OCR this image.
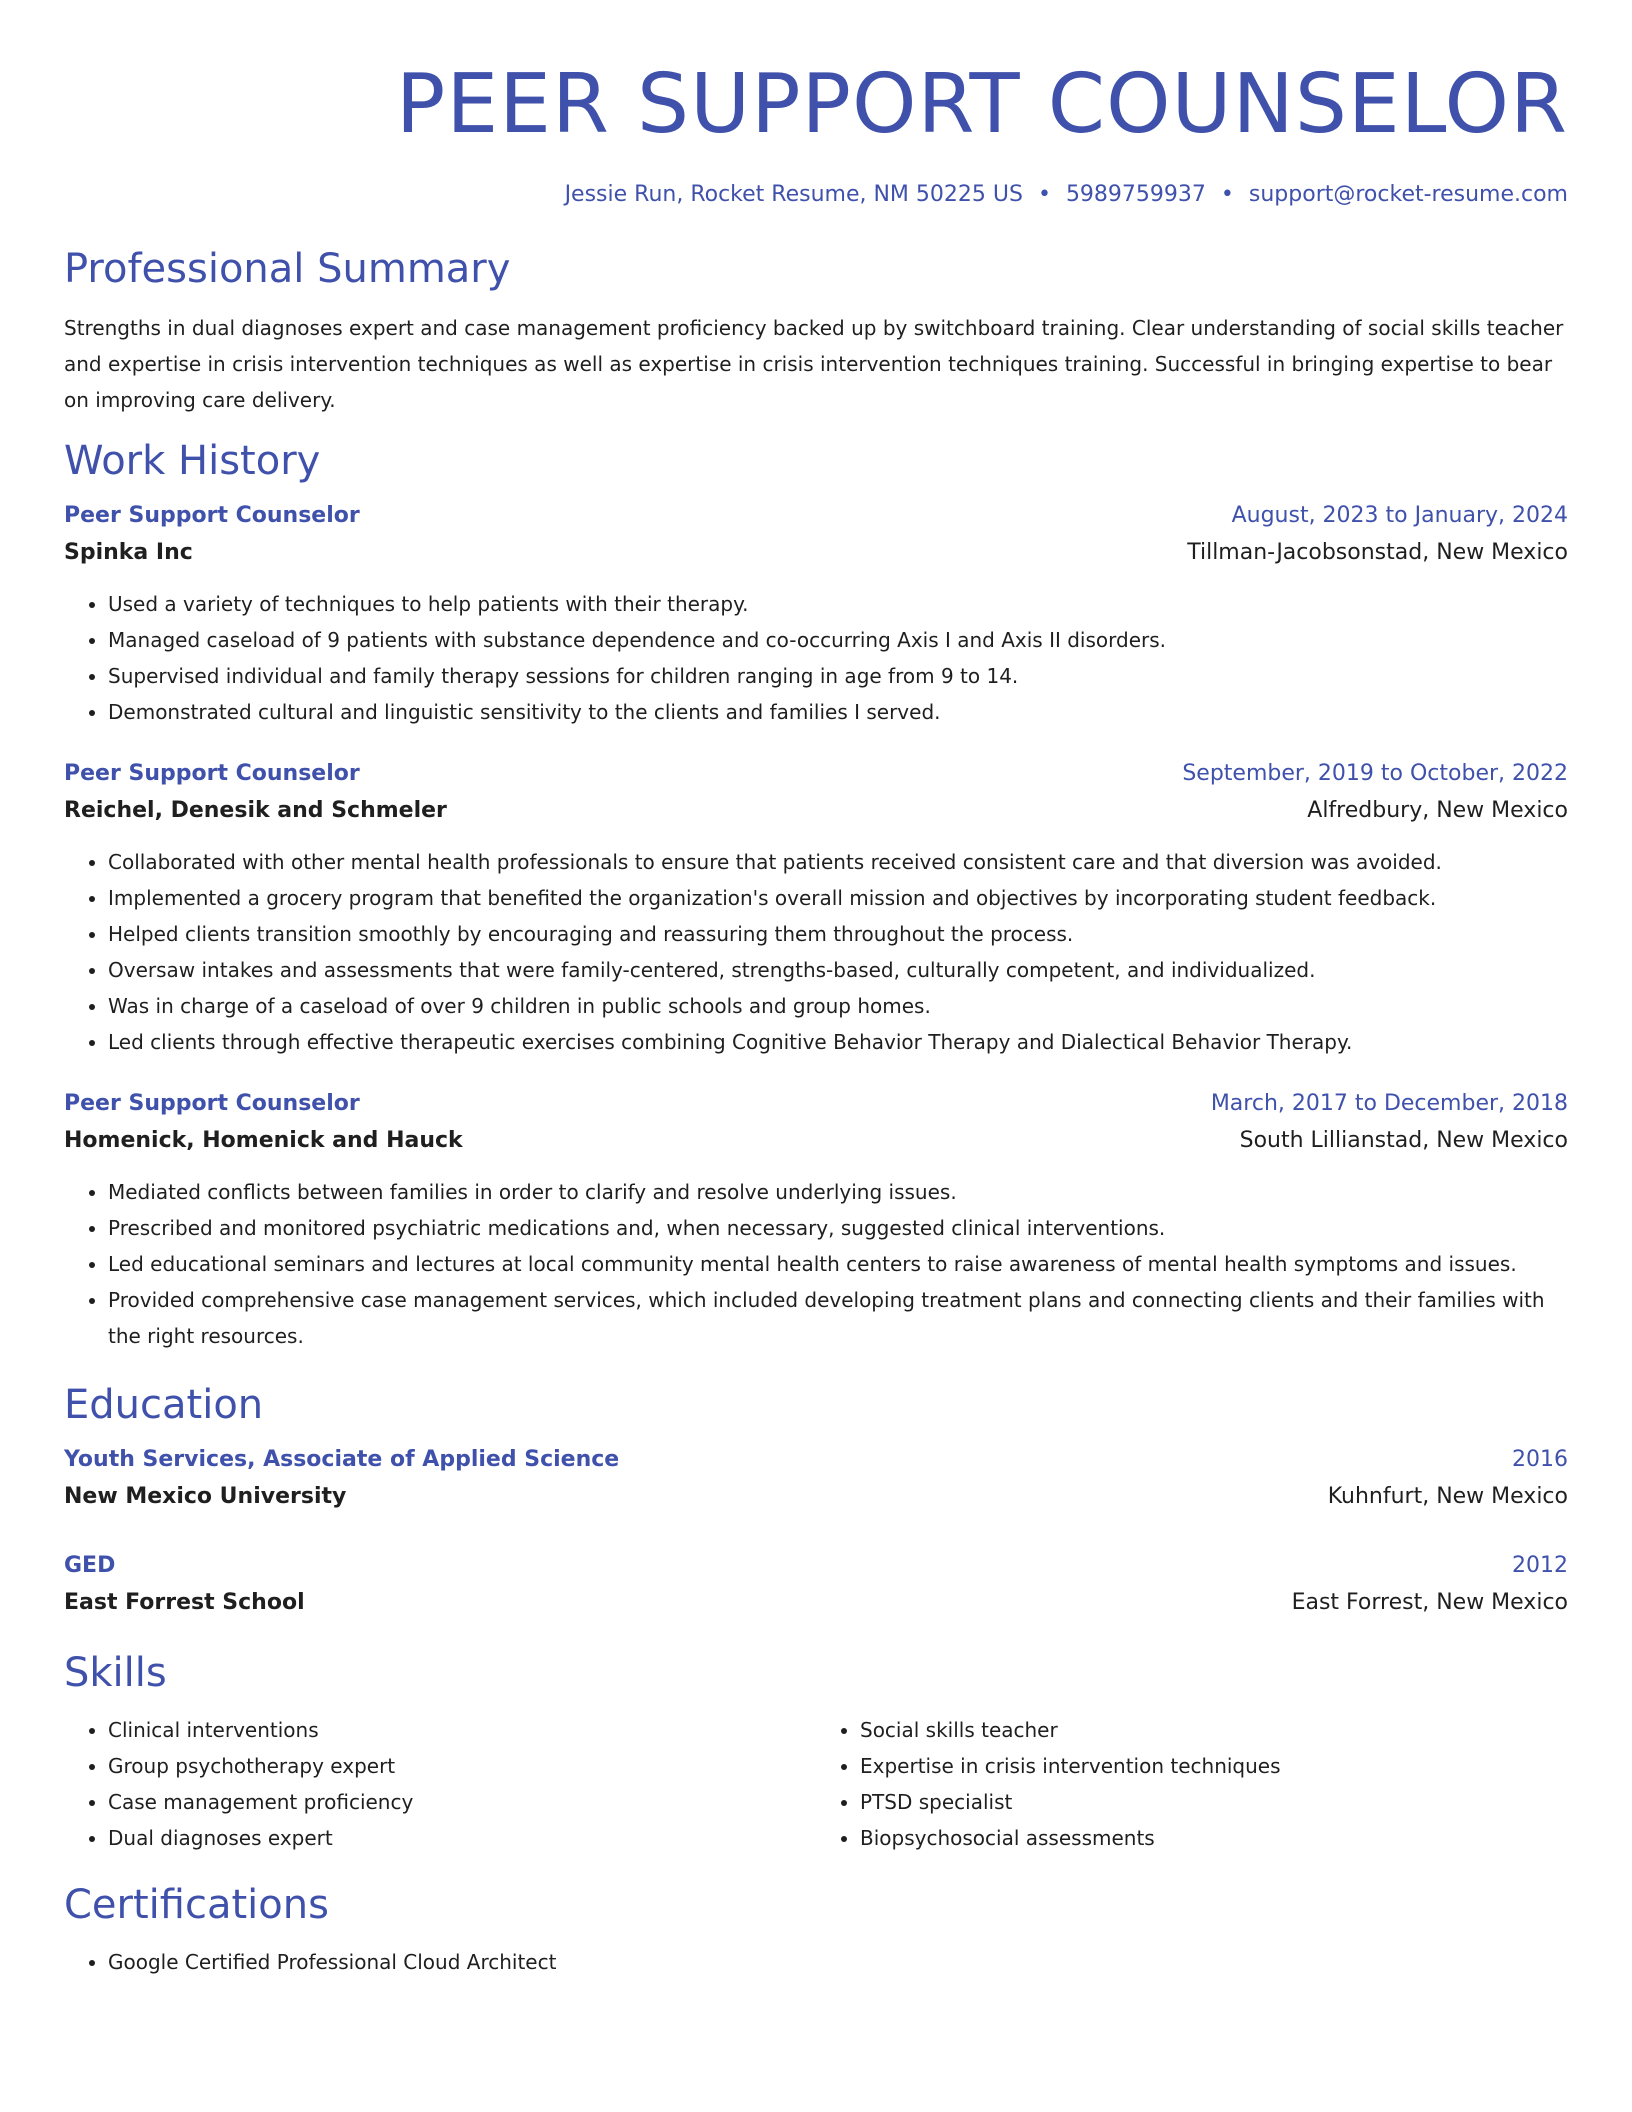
PEER SUPPORT COUNSELOR
Jessie Run, Rocket Resume, NM 50225 US • 5989759937 • support@rocket-resume.com
Professional Summary

Strengths in dual diagnoses expert and case management proficiency backed up by switchboard training. Clear understanding of social skills teacher and expertise in crisis intervention techniques as well as expertise in crisis intervention techniques training. Successful in bringing expertise to bear on improving care delivery.

Work History
Peer Support Counselor	August, 2023 to January, 2024
Spinka Inc	Tillman-Jacobsonstad, New Mexico
• Used a variety of techniques to help patients with their therapy.
• Managed caseload of 9 patients with substance dependence and co-occurring Axis I and Axis II disorders.
• Supervised individual and family therapy sessions for children ranging in age from 9 to 14.
• Demonstrated cultural and linguistic sensitivity to the clients and families I served.
Peer Support Counselor	September, 2019 to October, 2022
Reichel, Denesik and Schmeler	Alfredbury, New Mexico
• Collaborated with other mental health professionals to ensure that patients received consistent care and that diversion was avoided.
• Implemented a grocery program that benefited the organization's overall mission and objectives by incorporating student feedback.
• Helped clients transition smoothly by encouraging and reassuring them throughout the process.
• Oversaw intakes and assessments that were family-centered, strengths-based, culturally competent, and individualized.
• Was in charge of a caseload of over 9 children in public schools and group homes.
• Led clients through effective therapeutic exercises combining Cognitive Behavior Therapy and Dialectical Behavior Therapy.
Peer Support Counselor	March, 2017 to December, 2018
Homenick, Homenick and Hauck	South Lillianstad, New Mexico
• Mediated conflicts between families in order to clarify and resolve underlying issues.
• Prescribed and monitored psychiatric medications and, when necessary, suggested clinical interventions.
• Led educational seminars and lectures at local community mental health centers to raise awareness of mental health symptoms and issues.
• Provided comprehensive case management services, which included developing treatment plans and connecting clients and their families with the right resources.
Education
Youth Services, Associate of Applied Science	2016
New Mexico University	Kuhnfurt, New Mexico
GED	2012
East Forrest School	East Forrest, New Mexico
Skills
• Clinical interventions
• Group psychotherapy expert
• Case management proficiency
• Dual diagnoses expert
• Social skills teacher
• Expertise in crisis intervention techniques
• PTSD specialist
• Biopsychosocial assessments
Certifications
• Google Certified Professional Cloud Architect
